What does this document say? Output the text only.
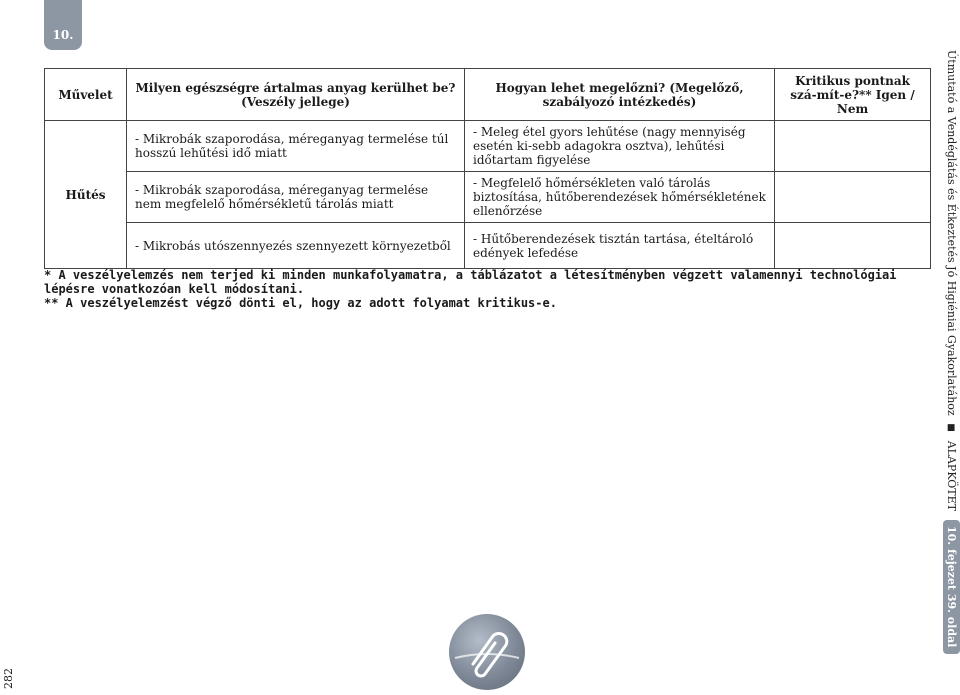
10.
Művelet	Milyen egészségre ártalmas anyag kerülhet be? (Veszély jellege)	Hogyan lehet megelőzni? (Megelőző, szabályozó intézkedés)	Kritikus pontnak szá-mít-e?** Igen / Nem
Hűtés	- Mikrobák szaporodása, méreganyag termelése túl hosszú lehűtési idő miatt	- Meleg étel gyors lehűtése (nagy mennyiség esetén ki-sebb adagokra osztva), lehűtési időtartam figyelése	
	- Mikrobák szaporodása, méreganyag termelése nem megfelelő hőmérsékletű tárolás miatt	- Megfelelő hőmérsékleten való tárolás biztosítása, hűtőberendezések hőmérsékletének ellenőrzése	
	- Mikrobás utószennyezés szennyezett környezetből	- Hűtőberendezések tisztán tartása, ételtároló edények lefedése	

* A veszélyelemzés nem terjed ki minden munkafolyamatra, a táblázatot a létesítményben végzett valamennyi technológiai lépésre vonatkozóan kell módosítani.

** A veszélyelemzést végző dönti el, hogy az adott folyamat kritikus-e.	Útmutató a Vendéglátás és Étkeztetés Jó Higiéniai Gyakorlatához ■ ALAPKÖTET 10. fejezet 39. oldal
282
